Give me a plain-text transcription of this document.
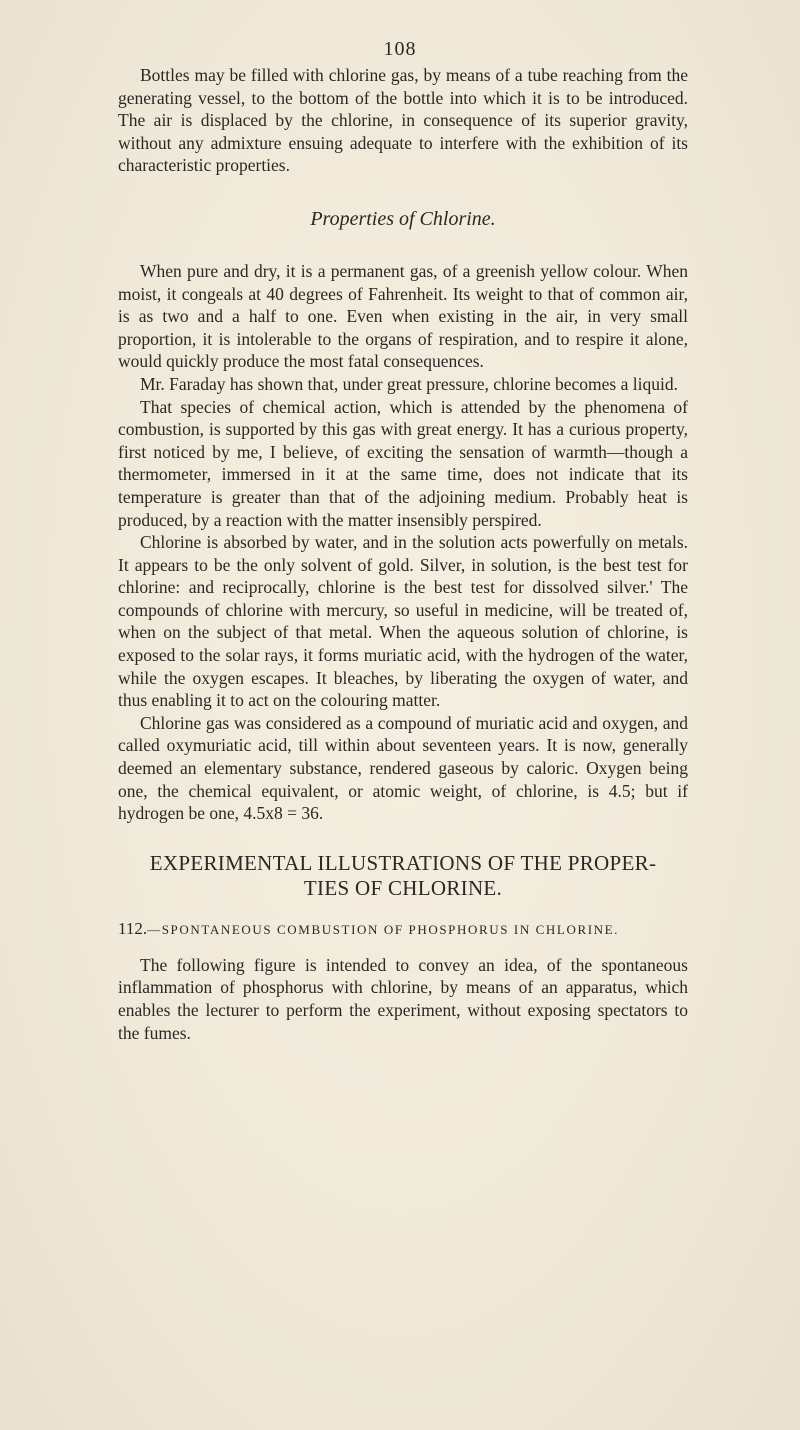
108

Bottles may be filled with chlorine gas, by means of a tube reaching from the generating vessel, to the bottom of the bottle into which it is to be introduced. The air is displaced by the chlorine, in consequence of its superior gravity, without any admixture ensuing adequate to interfere with the exhibition of its characteristic properties.

Properties of Chlorine.

When pure and dry, it is a permanent gas, of a greenish yellow colour. When moist, it congeals at 40 degrees of Fahrenheit. Its weight to that of common air, is as two and a half to one. Even when existing in the air, in very small proportion, it is intolerable to the organs of respiration, and to respire it alone, would quickly produce the most fatal consequences.

Mr. Faraday has shown that, under great pressure, chlorine becomes a liquid.

That species of chemical action, which is attended by the phenomena of combustion, is supported by this gas with great energy. It has a curious property, first noticed by me, I believe, of exciting the sensation of warmth—though a thermometer, immersed in it at the same time, does not indicate that its temperature is greater than that of the adjoining medium. Probably heat is produced, by a reaction with the matter insensibly perspired.

Chlorine is absorbed by water, and in the solution acts powerfully on metals. It appears to be the only solvent of gold. Silver, in solution, is the best test for chlorine: and reciprocally, chlorine is the best test for dissolved silver.' The compounds of chlorine with mercury, so useful in medicine, will be treated of, when on the subject of that metal. When the aqueous solution of chlorine, is exposed to the solar rays, it forms muriatic acid, with the hydrogen of the water, while the oxygen escapes. It bleaches, by liberating the oxygen of water, and thus enabling it to act on the colouring matter.

Chlorine gas was considered as a compound of muriatic acid and oxygen, and called oxymuriatic acid, till within about seventeen years. It is now, generally deemed an elementary substance, rendered gaseous by caloric. Oxygen being one, the chemical equivalent, or atomic weight, of chlorine, is 4.5; but if hydrogen be one, 4.5x8 = 36.

EXPERIMENTAL ILLUSTRATIONS OF THE PROPER-
TIES OF CHLORINE.
112.—SPONTANEOUS COMBUSTION OF PHOSPHORUS IN CHLORINE.

The following figure is intended to convey an idea, of the spontaneous inflammation of phosphorus with chlorine, by means of an apparatus, which enables the lecturer to perform the experiment, without exposing spectators to the fumes.
